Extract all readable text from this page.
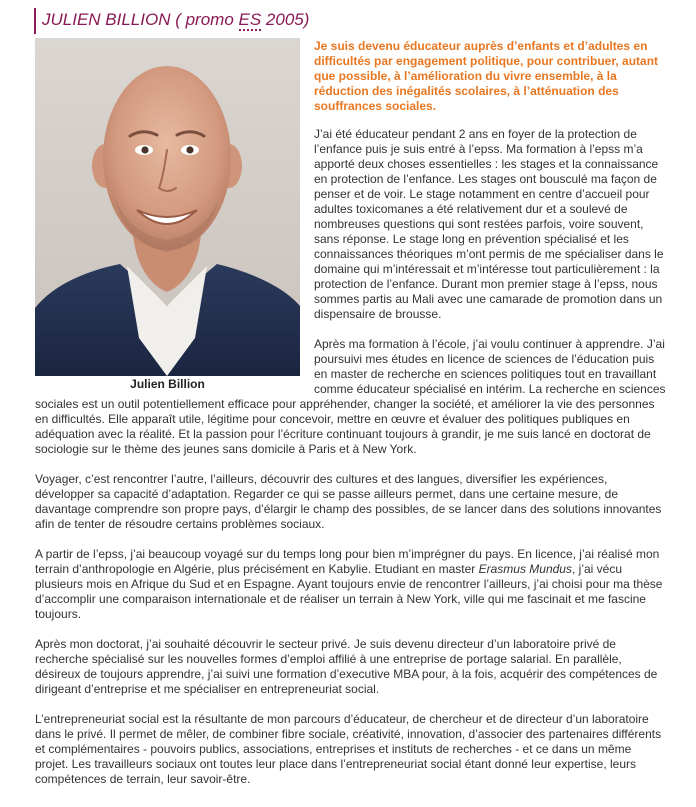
JULIEN BILLION ( promo ES 2005)
Julien Billion

Je suis devenu éducateur auprès d’enfants et d’adultes en difficultés par engagement politique, pour contribuer, autant que possible, à l’amélioration du vivre ensemble, à la réduction des inégalités scolaires, à l’atténuation des souffrances sociales.

J’ai été éducateur pendant 2 ans en foyer de la protection de l’enfance puis je suis entré à l’epss. Ma formation à l’epss m’a apporté deux choses essentielles : les stages et la connaissance en protection de l’enfance. Les stages ont bousculé ma façon de penser et de voir. Le stage notamment en centre d’accueil pour adultes toxicomanes a été relativement dur et a soulevé de nombreuses questions qui sont restées parfois, voire souvent, sans réponse. Le stage long en prévention spécialisé et les connaissances théoriques m’ont permis de me spécialiser dans le domaine qui m’intéressait et m’intéresse tout particulièrement : la protection de l’enfance. Durant mon premier stage à l’epss, nous sommes partis au Mali avec une camarade de promotion dans un dispensaire de brousse.

Après ma formation à l’école, j’ai voulu continuer à apprendre. J’ai poursuivi mes études en licence de sciences de l’éducation puis en master de recherche en sciences politiques tout en travaillant comme éducateur spécialisé en intérim. La recherche en sciences sociales est un outil potentiellement efficace pour appréhender, changer la société, et améliorer la vie des personnes en difficultés. Elle apparaît utile, légitime pour concevoir, mettre en œuvre et évaluer des politiques publiques en adéquation avec la réalité. Et la passion pour l’écriture continuant toujours à grandir, je me suis lancé en doctorat de sociologie sur le thème des jeunes sans domicile à Paris et à New York.

Voyager, c’est rencontrer l’autre, l’ailleurs, découvrir des cultures et des langues, diversifier les expériences, développer sa capacité d’adaptation. Regarder ce qui se passe ailleurs permet, dans une certaine mesure, de davantage comprendre son propre pays, d’élargir le champ des possibles, de se lancer dans des solutions innovantes afin de tenter de résoudre certains problèmes sociaux.

A partir de l’epss, j’ai beaucoup voyagé sur du temps long pour bien m’imprégner du pays. En licence, j’ai réalisé mon terrain d’anthropologie en Algérie, plus précisément en Kabylie. Etudiant en master Erasmus Mundus, j’ai vécu plusieurs mois en Afrique du Sud et en Espagne. Ayant toujours envie de rencontrer l’ailleurs, j’ai choisi pour ma thèse d’accomplir une comparaison internationale et de réaliser un terrain à New York, ville qui me fascinait et me fascine toujours.

Après mon doctorat, j’ai souhaité découvrir le secteur privé. Je suis devenu directeur d’un laboratoire privé de recherche spécialisé sur les nouvelles formes d’emploi affilié à une entreprise de portage salarial. En parallèle, désireux de toujours apprendre, j’ai suivi une formation d’executive MBA pour, à la fois, acquérir des compétences de dirigeant d’entreprise et me spécialiser en entrepreneuriat social.

L’entrepreneuriat social est la résultante de mon parcours d’éducateur, de chercheur et de directeur d’un laboratoire dans le privé. Il permet de mêler, de combiner fibre sociale, créativité, innovation, d’associer des partenaires différents et complémentaires - pouvoirs publics, associations, entreprises et instituts de recherches - et ce dans un même projet. Les travailleurs sociaux ont toutes leur place dans l’entrepreneuriat social étant donné leur expertise, leurs compétences de terrain, leur savoir-être.
